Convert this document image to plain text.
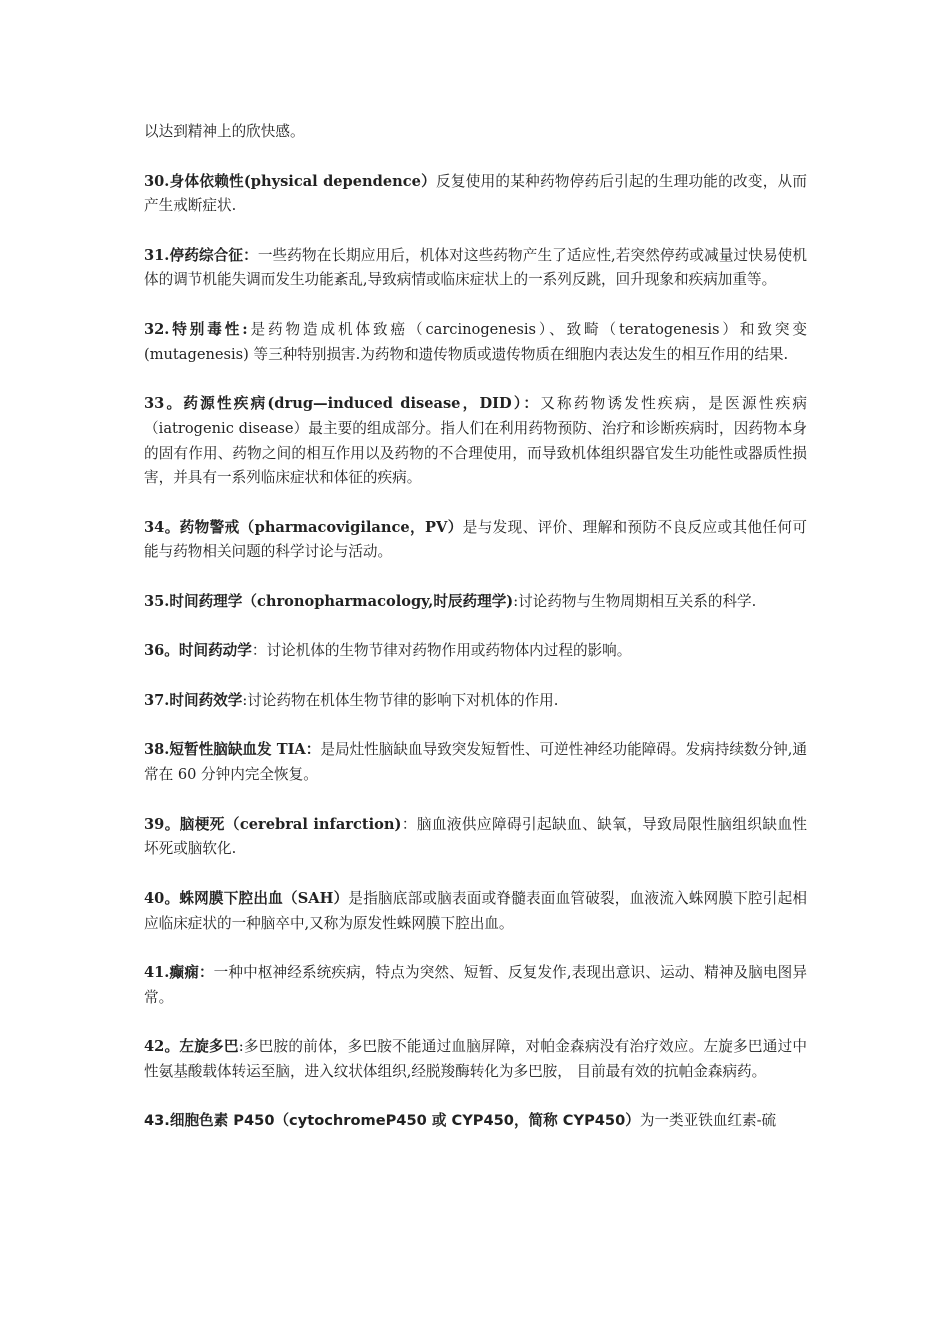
以达到精神上的欣快感。

30.身体依赖性(physical dependence）反复使用的某种药物停药后引起的生理功能的改变，从而产生戒断症状.

31.停药综合征：一些药物在长期应用后，机体对这些药物产生了适应性,若突然停药或减量过快易使机体的调节机能失调而发生功能紊乱,导致病情或临床症状上的一系列反跳，回升现象和疾病加重等。

32.特别毒性:是药物造成机体致癌（carcinogenesis）、致畸（teratogenesis）和致突变(mutagenesis) 等三种特别损害.为药物和遗传物质或遗传物质在细胞内表达发生的相互作用的结果.

33。药源性疾病(drug—induced disease，DID）：又称药物诱发性疾病，是医源性疾病（iatrogenic disease）最主要的组成部分。指人们在利用药物预防、治疗和诊断疾病时，因药物本身的固有作用、药物之间的相互作用以及药物的不合理使用，而导致机体组织器官发生功能性或器质性损害，并具有一系列临床症状和体征的疾病。

34。药物警戒（pharmacovigilance，PV）是与发现、评价、理解和预防不良反应或其他任何可能与药物相关问题的科学讨论与活动。

35.时间药理学（chronopharmacology,时辰药理学):讨论药物与生物周期相互关系的科学.

36。时间药动学：讨论机体的生物节律对药物作用或药物体内过程的影响。

37.时间药效学:讨论药物在机体生物节律的影响下对机体的作用.

38.短暂性脑缺血发 TIA：是局灶性脑缺血导致突发短暂性、可逆性神经功能障碍。发病持续数分钟,通常在 60 分钟内完全恢复。

39。脑梗死（cerebral infarction)：脑血液供应障碍引起缺血、缺氧，导致局限性脑组织缺血性坏死或脑软化.

40。蛛网膜下腔出血（SAH）是指脑底部或脑表面或脊髓表面血管破裂，血液流入蛛网膜下腔引起相应临床症状的一种脑卒中,又称为原发性蛛网膜下腔出血。

41.癫痫：一种中枢神经系统疾病，特点为突然、短暂、反复发作,表现出意识、运动、精神及脑电图异常。

42。左旋多巴:多巴胺的前体，多巴胺不能通过血脑屏障，对帕金森病没有治疗效应。左旋多巴通过中性氨基酸载体转运至脑，进入纹状体组织,经脱羧酶转化为多巴胺， 目前最有效的抗帕金森病药。

43.细胞色素 P450（cytochromeP450 或 CYP450，简称 CYP450）为一类亚铁血红素-硫
